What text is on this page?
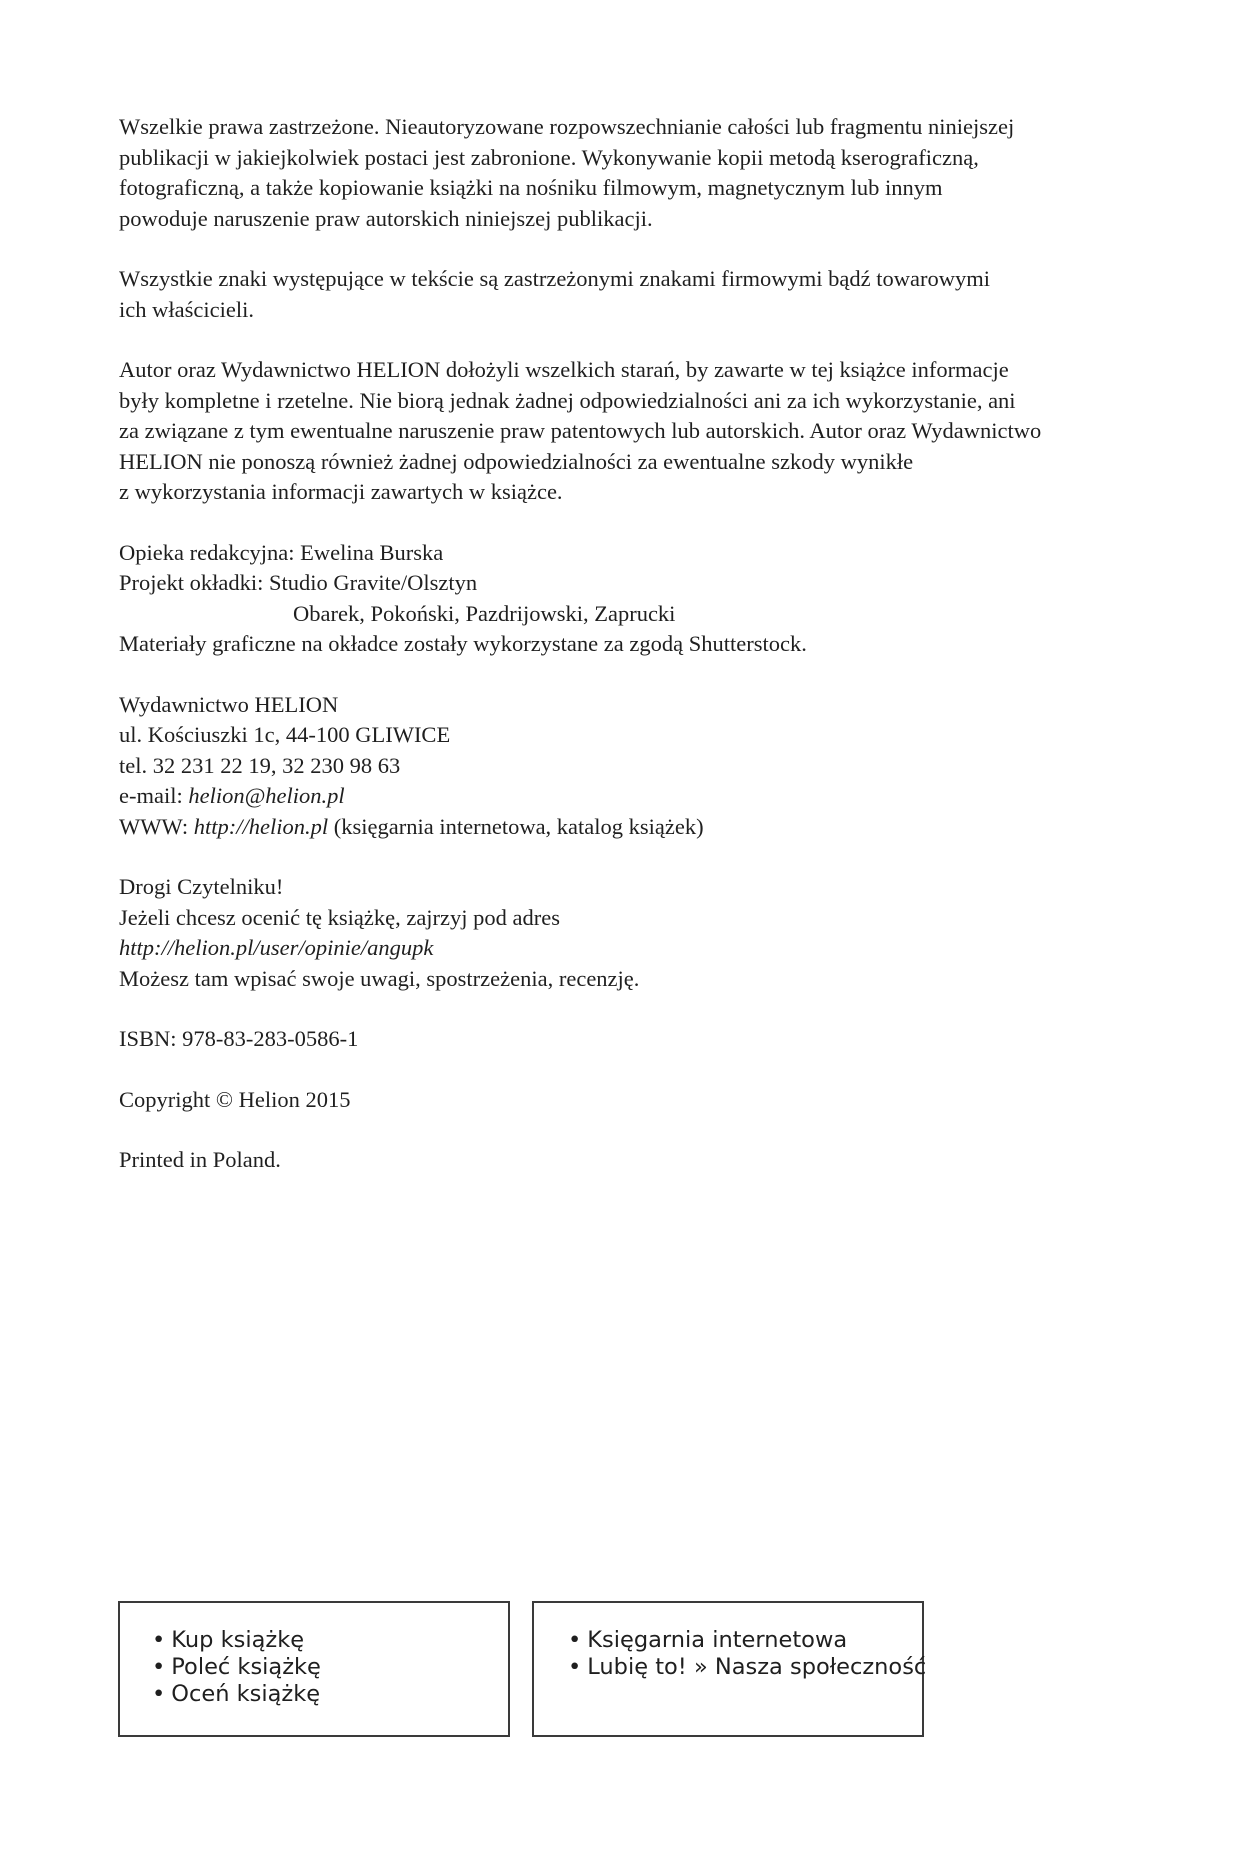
Wszelkie prawa zastrzeżone. Nieautoryzowane rozpowszechnianie całości lub fragmentu niniejszej
publikacji w jakiejkolwiek postaci jest zabronione. Wykonywanie kopii metodą kserograficzną,
fotograficzną, a także kopiowanie książki na nośniku filmowym, magnetycznym lub innym
powoduje naruszenie praw autorskich niniejszej publikacji.
Wszystkie znaki występujące w tekście są zastrzeżonymi znakami firmowymi bądź towarowymi
ich właścicieli.
Autor oraz Wydawnictwo HELION dołożyli wszelkich starań, by zawarte w tej książce informacje
były kompletne i rzetelne. Nie biorą jednak żadnej odpowiedzialności ani za ich wykorzystanie, ani
za związane z tym ewentualne naruszenie praw patentowych lub autorskich. Autor oraz Wydawnictwo
HELION nie ponoszą również żadnej odpowiedzialności za ewentualne szkody wynikłe
z wykorzystania informacji zawartych w książce.
Opieka redakcyjna: Ewelina Burska
Projekt okładki: Studio Gravite/Olsztyn
Obarek, Pokoński, Pazdrijowski, Zaprucki
Materiały graficzne na okładce zostały wykorzystane za zgodą Shutterstock.
Wydawnictwo HELION
ul. Kościuszki 1c, 44-100 GLIWICE
tel. 32 231 22 19, 32 230 98 63
e-mail: helion@helion.pl
WWW: http://helion.pl (księgarnia internetowa, katalog książek)
Drogi Czytelniku!
Jeżeli chcesz ocenić tę książkę, zajrzyj pod adres
http://helion.pl/user/opinie/angupk
Możesz tam wpisać swoje uwagi, spostrzeżenia, recenzję.
ISBN: 978-83-283-0586-1
Copyright © Helion 2015
Printed in Poland.
• Kup książkę
• Poleć książkę
• Oceń książkę
• Księgarnia internetowa
• Lubię to! » Nasza społeczność
